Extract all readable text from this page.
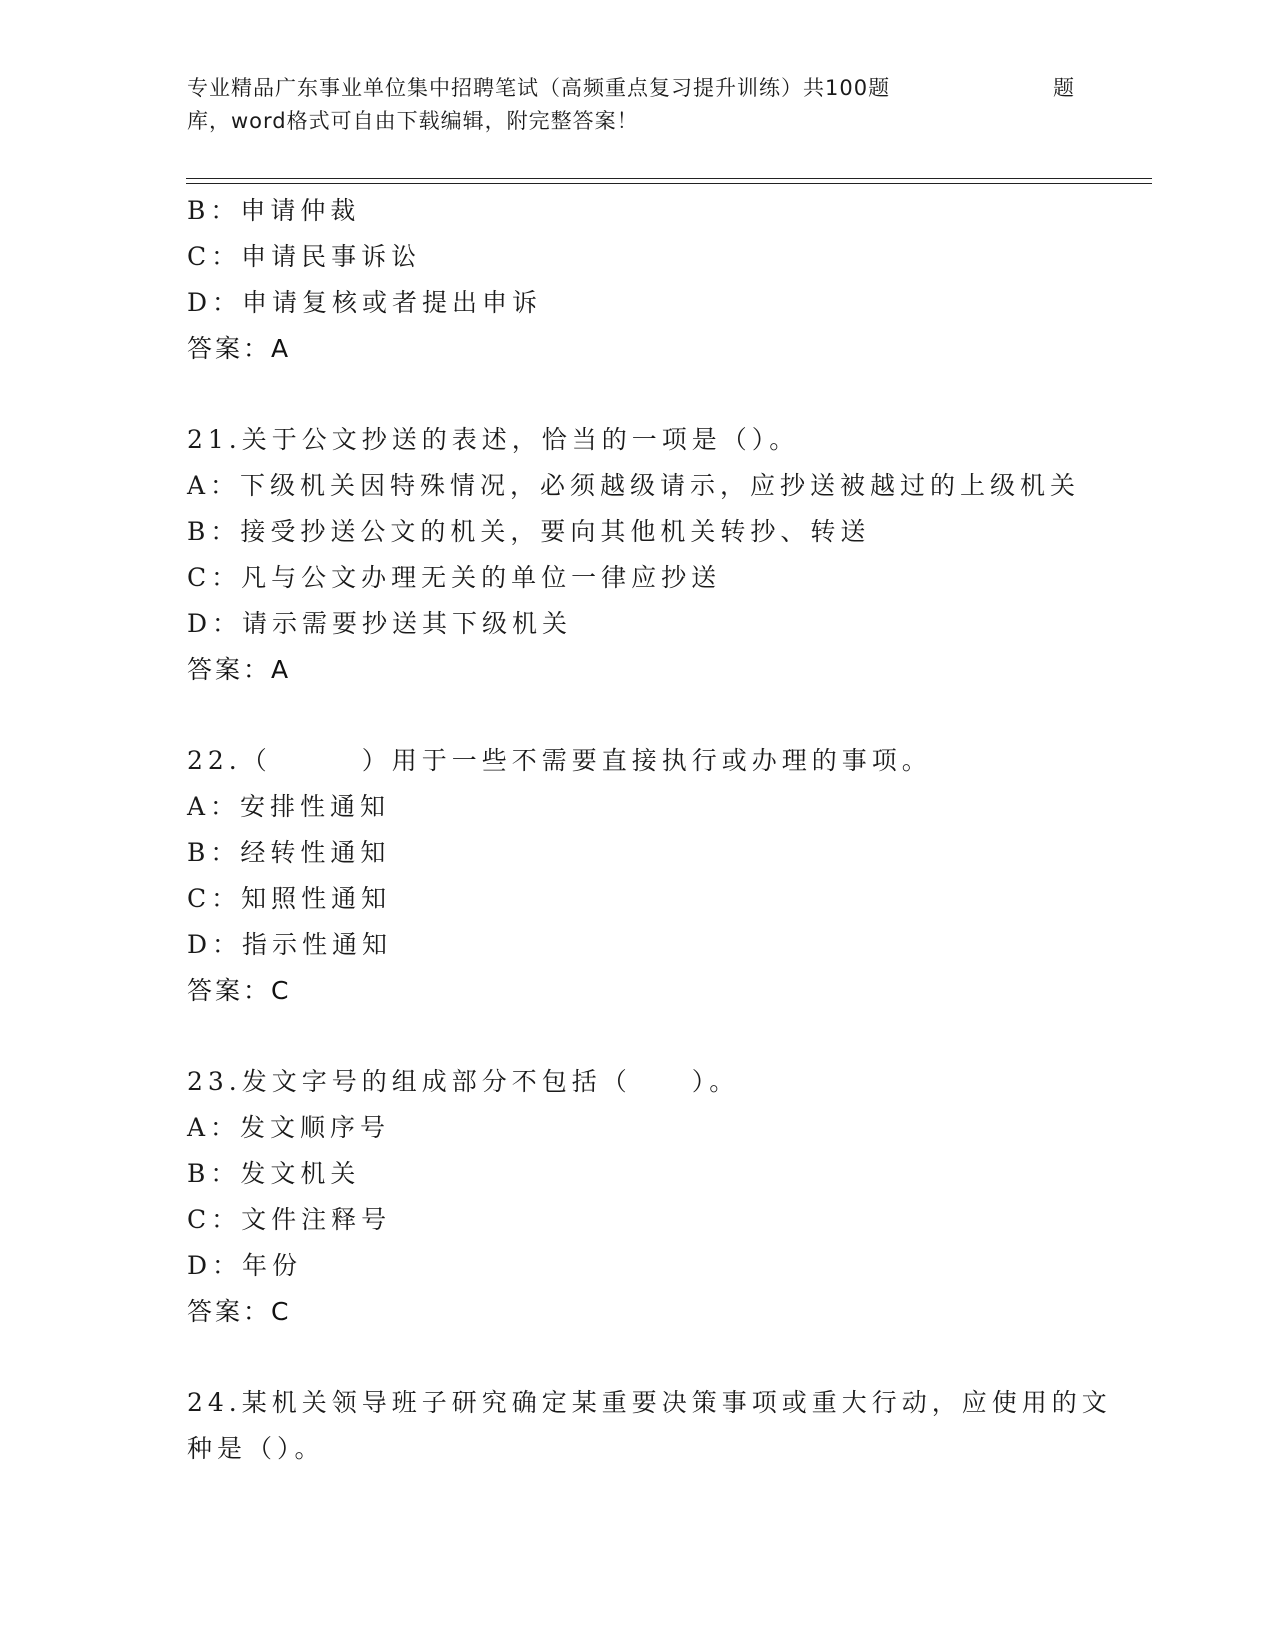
专业精品广东事业单位集中招聘笔试（高频重点复习提升训练）共100题	题
库，word格式可自由下载编辑，附完整答案！
B：申请仲裁
C：申请民事诉讼
D：申请复核或者提出申诉
答案：A
21.关于公文抄送的表述，恰当的一项是（）。
A：下级机关因特殊情况，必须越级请示，应抄送被越过的上级机关
B：接受抄送公文的机关，要向其他机关转抄、转送
C：凡与公文办理无关的单位一律应抄送
D：请示需要抄送其下级机关
答案：A
22.（　　　）用于一些不需要直接执行或办理的事项。
A：安排性通知
B：经转性通知
C：知照性通知
D：指示性通知
答案：C
23.发文字号的组成部分不包括（　　）。
A：发文顺序号
B：发文机关
C：文件注释号
D：年份
答案：C
24.某机关领导班子研究确定某重要决策事项或重大行动，应使用的文
种是（）。
